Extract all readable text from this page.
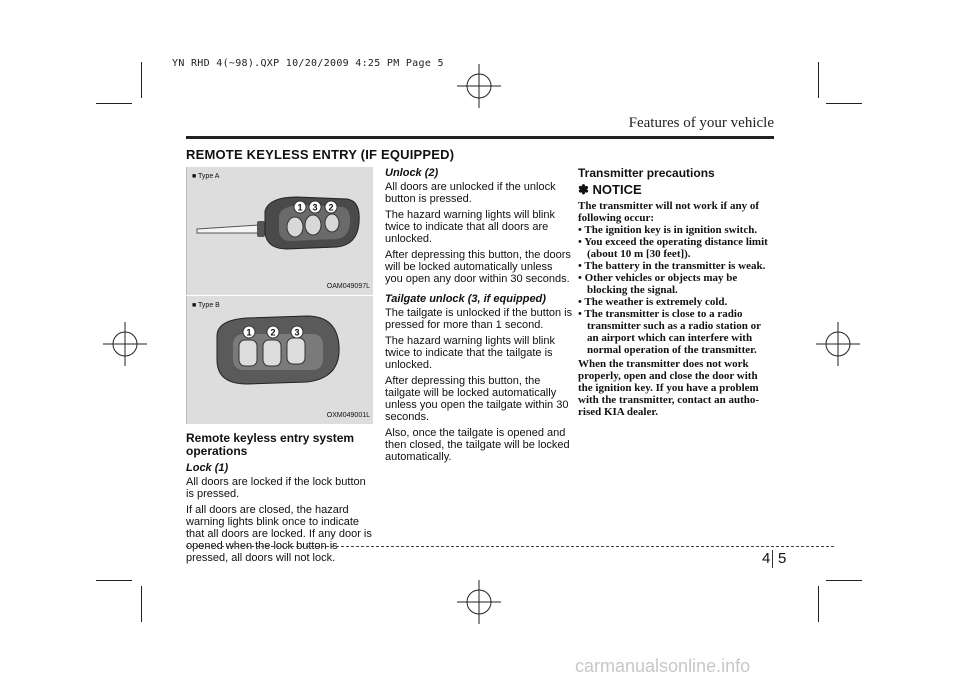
YN RHD 4(~98).QXP 10/20/2009 4:25 PM Page 5
Features of your vehicle
REMOTE KEYLESS ENTRY (IF EQUIPPED)
■ Type A
1 3 2
OAM049097L
■ Type B
1 2 3
OXM049001L
Remote keyless entry system operations
Lock (1)

All doors are locked if the lock button is pressed.

If all doors are closed, the hazard warning lights blink once to indicate that all doors are locked. If any door is opened when the lock button is pressed, all doors will not lock.

Unlock (2)

All doors are unlocked if the unlock button is pressed.

The hazard warning lights will blink twice to indicate that all doors are unlocked.

After depressing this button, the doors will be locked automatically unless you open any door within 30 seconds.

Tailgate unlock (3, if equipped)

The tailgate is unlocked if the button is pressed for more than 1 second.

The hazard warning lights will blink twice to indicate that the tailgate is unlocked.

After depressing this button, the tailgate will be locked automatically unless you open the tailgate within 30 seconds.

Also, once the tailgate is opened and then closed, the tailgate will be locked automatically.

Transmitter precautions
✽ NOTICE
The transmitter will not work if any of following occur:
• The ignition key is in ignition switch.
• You exceed the operating distance limit (about 10 m [30 feet]).
• The battery in the transmitter is weak.
• Other vehicles or objects may be blocking the signal.
• The weather is extremely cold.
• The transmitter is close to a radio transmitter such as a radio station or an airport which can interfere with normal operation of the transmitter.
When the transmitter does not work properly, open and close the door with the ignition key. If you have a problem with the transmitter, contact an autho-rised KIA dealer.
4 5
carmanualsonline.info
